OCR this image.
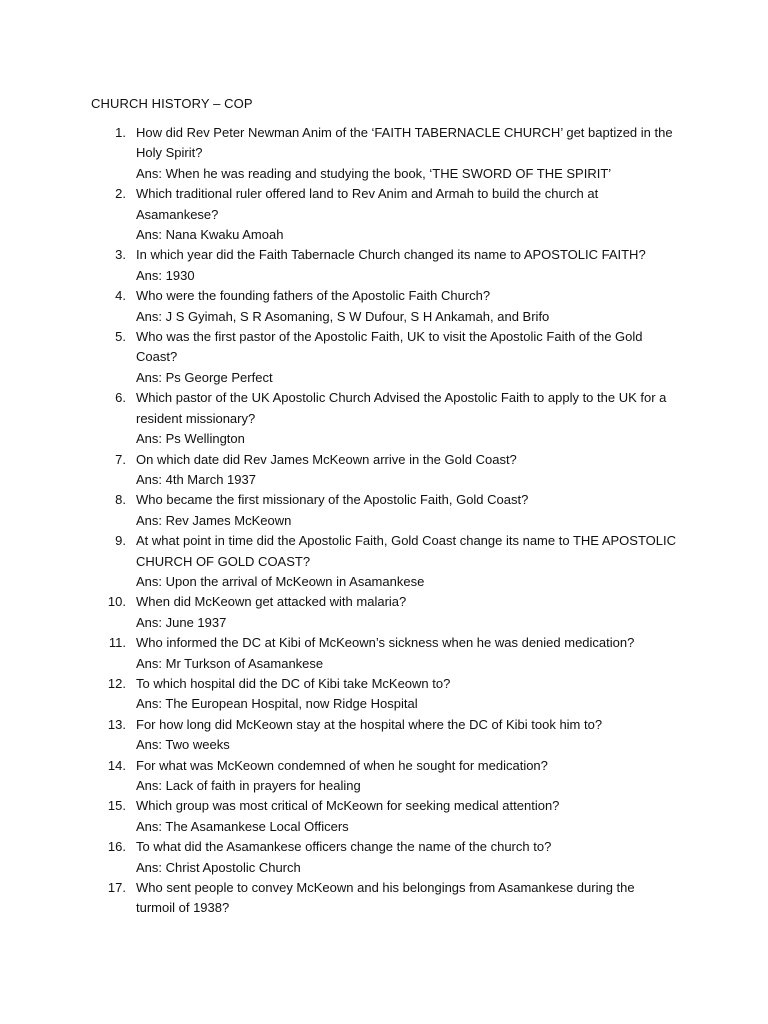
CHURCH HISTORY – COP
1. How did Rev Peter Newman Anim of the ‘FAITH TABERNACLE CHURCH’ get baptized in the Holy Spirit?
Ans: When he was reading and studying the book, ‘THE SWORD OF THE SPIRIT’
2. Which traditional ruler offered land to Rev Anim and Armah to build the church at Asamankese?
Ans: Nana Kwaku Amoah
3. In which year did the Faith Tabernacle Church changed its name to APOSTOLIC FAITH?
Ans: 1930
4. Who were the founding fathers of the Apostolic Faith Church?
Ans: J S Gyimah, S R Asomaning, S W Dufour, S H Ankamah, and Brifo
5. Who was the first pastor of the Apostolic Faith, UK to visit the Apostolic Faith of the Gold Coast?
Ans: Ps George Perfect
6. Which pastor of the UK Apostolic Church Advised the Apostolic Faith to apply to the UK for a resident missionary?
Ans: Ps Wellington
7. On which date did Rev James McKeown arrive in the Gold Coast?
Ans: 4th March 1937
8. Who became the first missionary of the Apostolic Faith, Gold Coast?
Ans: Rev James McKeown
9. At what point in time did the Apostolic Faith, Gold Coast change its name to THE APOSTOLIC CHURCH OF GOLD COAST?
Ans: Upon the arrival of McKeown in Asamankese
10. When did McKeown get attacked with malaria?
Ans: June 1937
11. Who informed the DC at Kibi of McKeown’s sickness when he was denied medication?
Ans: Mr Turkson of Asamankese
12. To which hospital did the DC of Kibi take McKeown to?
Ans: The European Hospital, now Ridge Hospital
13. For how long did McKeown stay at the hospital where the DC of Kibi took him to?
Ans: Two weeks
14. For what was McKeown condemned of when he sought for medication?
Ans: Lack of faith in prayers for healing
15. Which group was most critical of McKeown for seeking medical attention?
Ans: The Asamankese Local Officers
16. To what did the Asamankese officers change the name of the church to?
Ans: Christ Apostolic Church
17. Who sent people to convey McKeown and his belongings from Asamankese during the turmoil of 1938?
